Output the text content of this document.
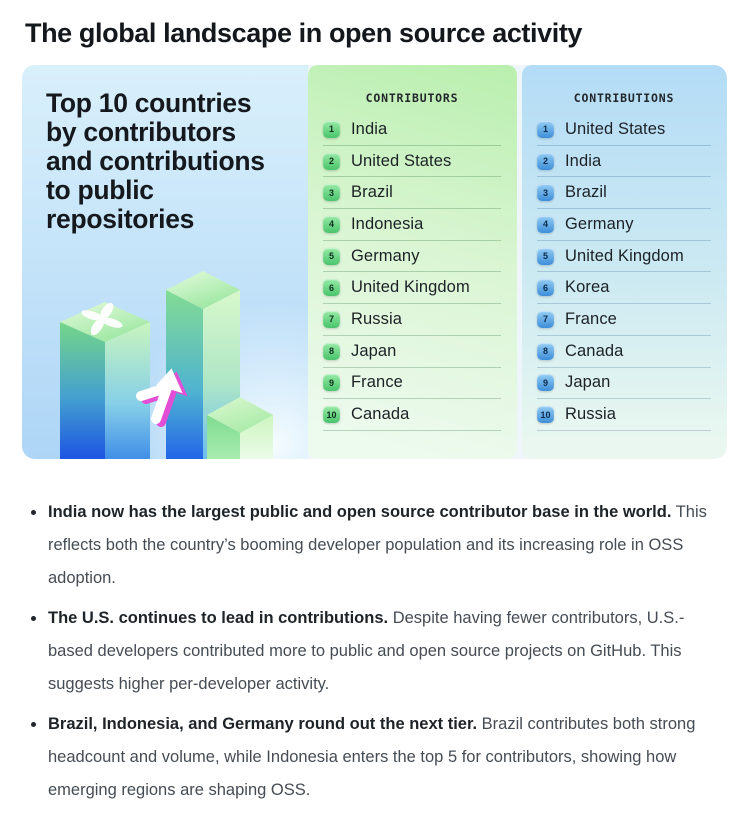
The global landscape in open source activity
Top 10 countries by contributors and contributions to public repositories
CONTRIBUTORS
1	India
2	United States
3	Brazil
4	Indonesia
5	Germany
6	United Kingdom
7	Russia
8	Japan
9	France
10 Canada
CONTRIBUTIONS
1	United States
2	India
3	Brazil
4	Germany
5	United Kingdom
6	Korea
7	France
8	Canada
9	Japan
10 Russia
India now has the largest public and open source contributor base in the world. This reflects both the country’s booming developer population and its increasing role in OSS adoption.
The U.S. continues to lead in contributions. Despite having fewer contributors, U.S.-based developers contributed more to public and open source projects on GitHub. This suggests higher per-developer activity.
Brazil, Indonesia, and Germany round out the next tier. Brazil contributes both strong headcount and volume, while Indonesia enters the top 5 for contributors, showing how emerging regions are shaping OSS.
